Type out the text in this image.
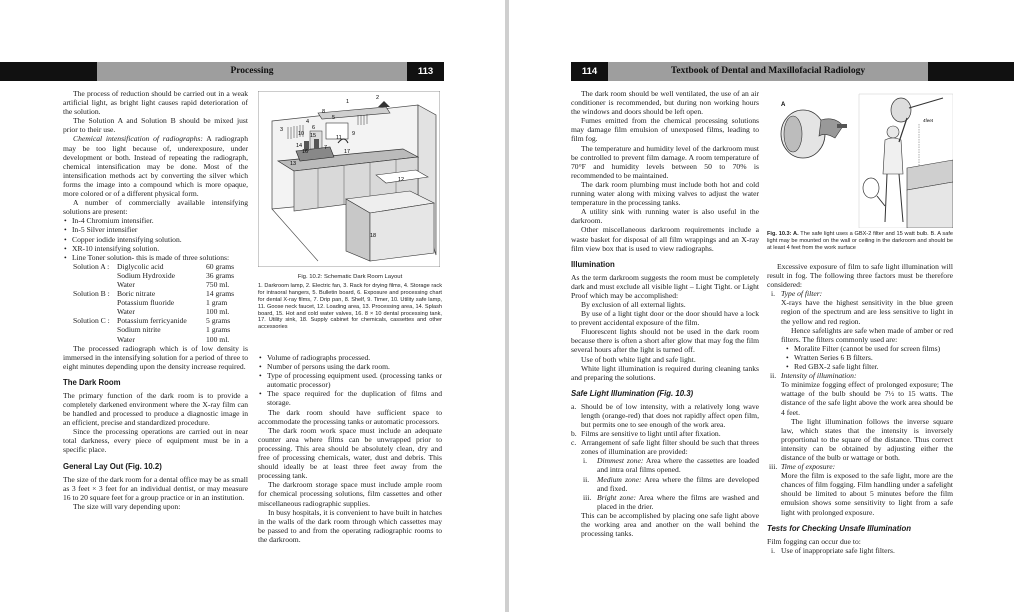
Processing	113

The process of reduction should be carried out in a weak artificial light, as bright light causes rapid deterioration of the solution.

The Solution A and Solution B should be mixed just prior to their use.

Chemical intensification of radiographs: A radiograph may be too light because of, underexposure, under development or both. Instead of repeating the radiograph, chemical intensification may be done. Most of the intensification methods act by converting the silver which forms the image into a compound which is more opaque, more colored or of a different physical form.

A number of commercially available intensifying solutions are present:

• In-4 Chromium intensifier.
• In-5 Silver intensifier
• Copper iodide intensifying solution.
• XR-10 intensifying solution.
• Line Toner solution- this is made of three solutions:
Solution A :	Diglycolic acid	60 grams
Sodium Hydroxide	36 grams
Water	750 ml.
Solution B : Boric nitrate	14 grams
Potassium fluoride	1 gram
Water	100 ml.
Solution C : Potassium ferricyanide	5 grams
Sodium nitrite	1 grams
Water	100 ml.

The processed radiograph which is of low density is immersed in the intensifying solution for a period of three to eight minutes depending upon the density increase required.

The Dark Room

The primary function of the dark room is to provide a completely darkened environment where the X-ray film can be handled and processed to produce a diagnostic image in an efficient, precise and standardized procedure.

Since the processing operations are carried out in near total darkness, every piece of equipment must be in a specific place.

General Lay Out (Fig. 10.2)

The size of the dark room for a dental office may be as small as 3 feet × 3 feet for an individual dentist, or may measure 16 to 20 square feet for a group practice or in an institution.

The size will vary depending upon:

1
2
3
4
5
6
7
8
9
10
11
12
13
14
15
16	17
18
Fig. 10.2: Schematic Dark Room Layout
1. Darkroom lamp, 2. Electric fan, 3. Rack for drying films, 4. Storage rack for intraoral hangers, 5. Bulletin board, 6. Exposure and processing chart for dental X-ray films, 7. Drip pan, 8. Shelf, 9. Timer, 10. Utility safe lamp, 11. Goose neck faucet, 12. Loading area, 13. Processing area, 14. Splash board, 15. Hot and cold water valves, 16. 8 × 10 dental processing tank, 17. Utility sink, 18. Supply cabinet for chemicals, cassettes and other accessories
• Volume of radiographs processed.
• Number of persons using the dark room.
• Type of processing equipment used. (processing tanks or automatic processor)
• The space required for the duplication of films and storage.

The dark room should have sufficient space to accommodate the processing tanks or automatic processors.

The dark room work space must include an adequate counter area where films can be unwrapped prior to processing. This area should be absolutely clean, dry and free of processing chemicals, water, dust and debris. This should ideally be at least three feet away from the processing tank.

The darkroom storage space must include ample room for chemical processing solutions, film cassettes and other miscellaneous radiographic supplies.

In busy hospitals, it is convenient to have built in hatches in the walls of the dark room through which cassettes may be passed to and from the operating radiographic rooms to the darkroom.

114	Textbook of Dental and Maxillofacial Radiology

The dark room should be well ventilated, the use of an air conditioner is recommended, but during non working hours the windows and doors should be left open.

Fumes emitted from the chemical processing solutions may damage film emulsion of unexposed films, leading to film fog.

The temperature and humidity level of the darkroom must be controlled to prevent film damage. A room temperature of 70°F and humidity levels between 50 to 70% is recommended to be maintained.

The dark room plumbing must include both hot and cold running water along with mixing valves to adjust the water temperature in the processing tanks.

A utility sink with running water is also useful in the darkroom.

Other miscellaneous darkroom requirements include a waste basket for disposal of all film wrappings and an X-ray film view box that is used to view radiographs.

Illumination

As the term darkroom suggests the room must be completely dark and must exclude all visible light – Light Tight. or Light Proof which may be accomplished:

By exclusion of all external lights.

By use of a light tight door or the door should have a lock to prevent accidental exposure of the film.

Fluorescent lights should not be used in the dark room because there is often a short after glow that may fog the film several hours after the light is turned off.

Use of both white light and safe light.

White light illumination is required during cleaning tanks and preparing the solutions.

Safe Light Illumination (Fig. 10.3)
a. Should be of low intensity, with a relatively long wave length (orange-red) that does not rapidly affect open film, but permits one to see enough of the work area.
b. Films are sensitive to light until after fixation.
c. Arrangement of safe light filter should be such that threes zones of illumination are provided:
i.	Dimmest zone: Area where the cassettes are loaded and intra oral films opened.
ii.	Medium zone: Area where the films are developed and fixed.
iii. Bright zone: Area where the films are washed and placed in the drier.

This can be accomplished by placing one safe light above the working area and another on the wall behind the processing tanks.

A
4feet
Fig. 10.3: A. The safe light uses a GBX-2 filter and 15 watt bulb. B. A safe light may be mounted on the wall or ceiling in the darkroom and should be at least 4 feet from the work surface

Excessive exposure of film to safe light illumination will result in fog. The following three factors must be therefore considered:

i. Type of filter:

X-rays have the highest sensitivity in the blue green region of the spectrum and are less sensitive to light in the yellow and red region.

Hence safelights are safe when made of amber or red filters. The filters commonly used are:

• Moralite Filter (cannot be used for screen films)
• Wratten Series 6 B filters.
• Red GBX-2 safe light filter.
ii. Intensity of illumination:

To minimize fogging effect of prolonged exposure; The wattage of the bulb should be 7½ to 15 watts. The distance of the safe light above the work area should be 4 feet.

The light illumination follows the inverse square law, which states that the intensity is inversely proportional to the square of the distance. Thus correct intensity can be obtained by adjusting either the distance of the bulb or wattage or both.

iii. Time of exposure:

More the film is exposed to the safe light, more are the chances of film fogging. Film handling under a safelight should be limited to about 5 minutes before the film emulsion shows some sensitivity to light from a safe light with prolonged exposure.

Tests for Checking Unsafe Illumination

Film fogging can occur due to:

i. Use of inappropriate safe light filters.
